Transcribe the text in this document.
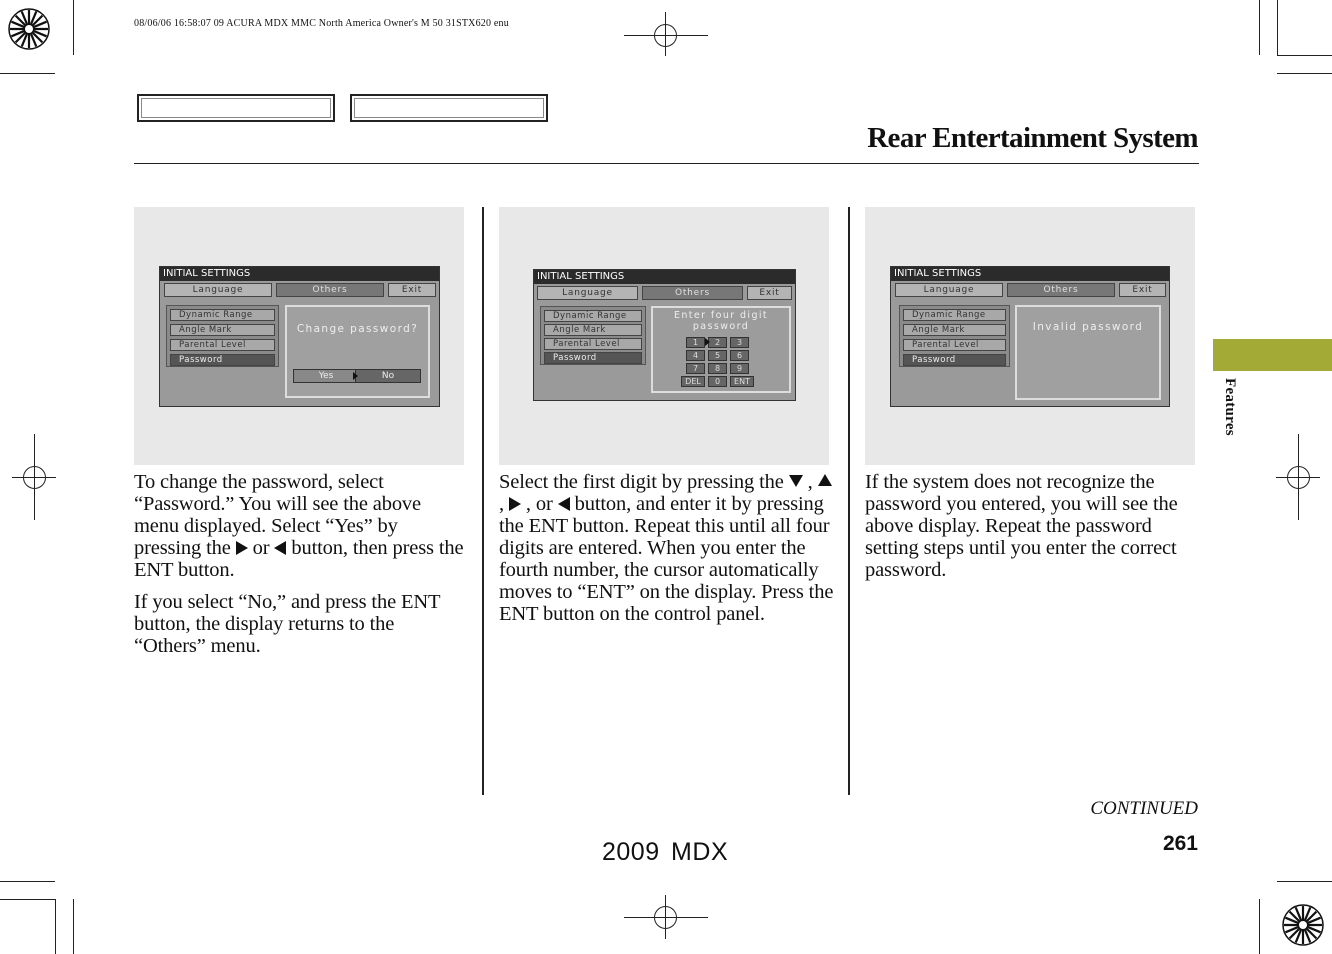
08/06/06 16:58:07 09 ACURA MDX MMC North America Owner's M 50 31STX620 enu
Rear Entertainment System
Features
INITIAL SETTINGS
Language	Others	Exit
Dynamic Range
Angle Mark
Parental Level
Password
Change password?
Yes	No
INITIAL SETTINGS
Language	Others	Exit
Dynamic Range
Angle Mark
Parental Level
Password
Enter four digit
password
1	2	3
4	5	6
7	8	9
DEL	0	ENT
INITIAL SETTINGS
Language	Others	Exit
Dynamic Range
Angle Mark
Parental Level
Password
Invalid password

To change the password, select “Password.” You will see the above menu displayed. Select “Yes” by pressing the  or  button, then press the ENT button.

If you select “No,” and press the ENT button, the display returns to the “Others” menu.

Select the first digit by pressing the  ,  ,  , or  button, and enter it by pressing the ENT button. Repeat this until all four digits are entered. When you enter the fourth number, the cursor automatically moves to “ENT” on the display. Press the ENT button on the control panel.

If the system does not recognize the password you entered, you will see the above display. Repeat the password setting steps until you enter the correct password.

CONTINUED
261
2009 MDX
